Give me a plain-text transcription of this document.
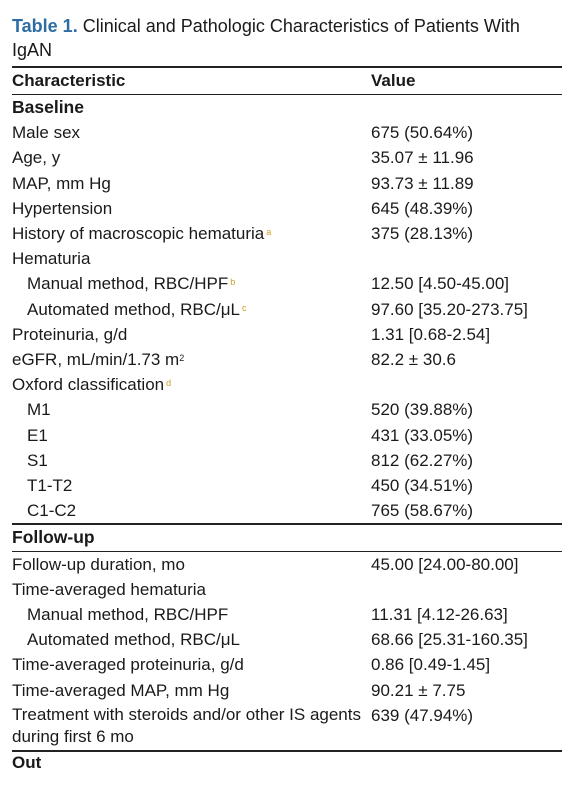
Table 1. Clinical and Pathologic Characteristics of Patients With IgAN

Characteristic	Value
Baseline	
Male sex	675 (50.64%)
Age, y	35.07 ± 11.96
MAP, mm Hg	93.73 ± 11.89
Hypertension	645 (48.39%)
History of macroscopic hematuria $^a$	375 (28.13%)
Hematuria	
Manual method, RBC/HPF $^b$	12.50 [4.50-45.00]
Automated method, RBC/μL $^c$	97.60 [35.20-273.75]
Proteinuria, g/d	1.31 [0.68-2.54]
eGFR, mL/min/1.73 $m^2$	82.2 ± 30.6
Oxford classification $^d$	
M1	520 (39.88%)
E1	431 (33.05%)
S1	812 (62.27%)
T1-T2	450 (34.51%)
C1-C2	765 (58.67%)
Follow-up	
Follow-up duration, mo	45.00 [24.00-80.00]
Time-averaged hematuria	
Manual method, RBC/HPF	11.31 [4.12-26.63]
Automated method, RBC/μL	68.66 [25.31-160.35]
Time-averaged proteinuria, g/d	0.86 [0.49-1.45]
Time-averaged MAP, mm Hg	90.21 ± 7.75
Treatment with steroids and/or other IS agents during first 6 mo	639 (47.94%)
Out
